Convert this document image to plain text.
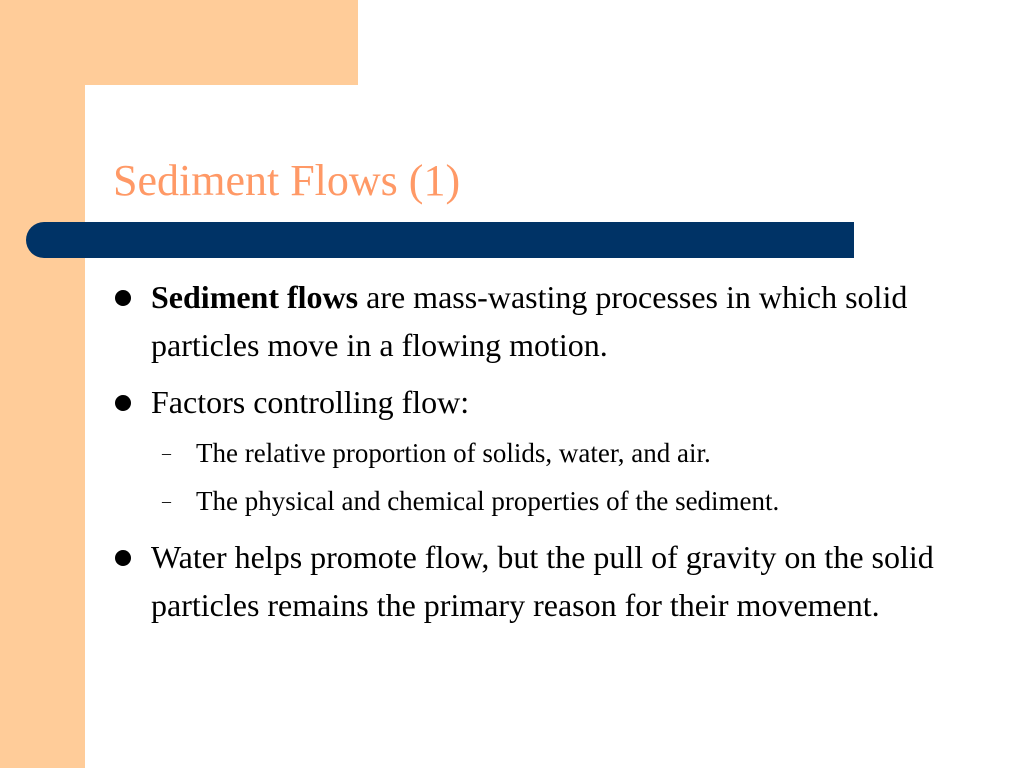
Sediment Flows (1)
Sediment flows are mass-wasting processes in which solid particles move in a flowing motion.
Factors controlling flow:
– The relative proportion of solids, water, and air.
– The physical and chemical properties of the sediment.
Water helps promote flow, but the pull of gravity on the solid particles remains the primary reason for their movement.
